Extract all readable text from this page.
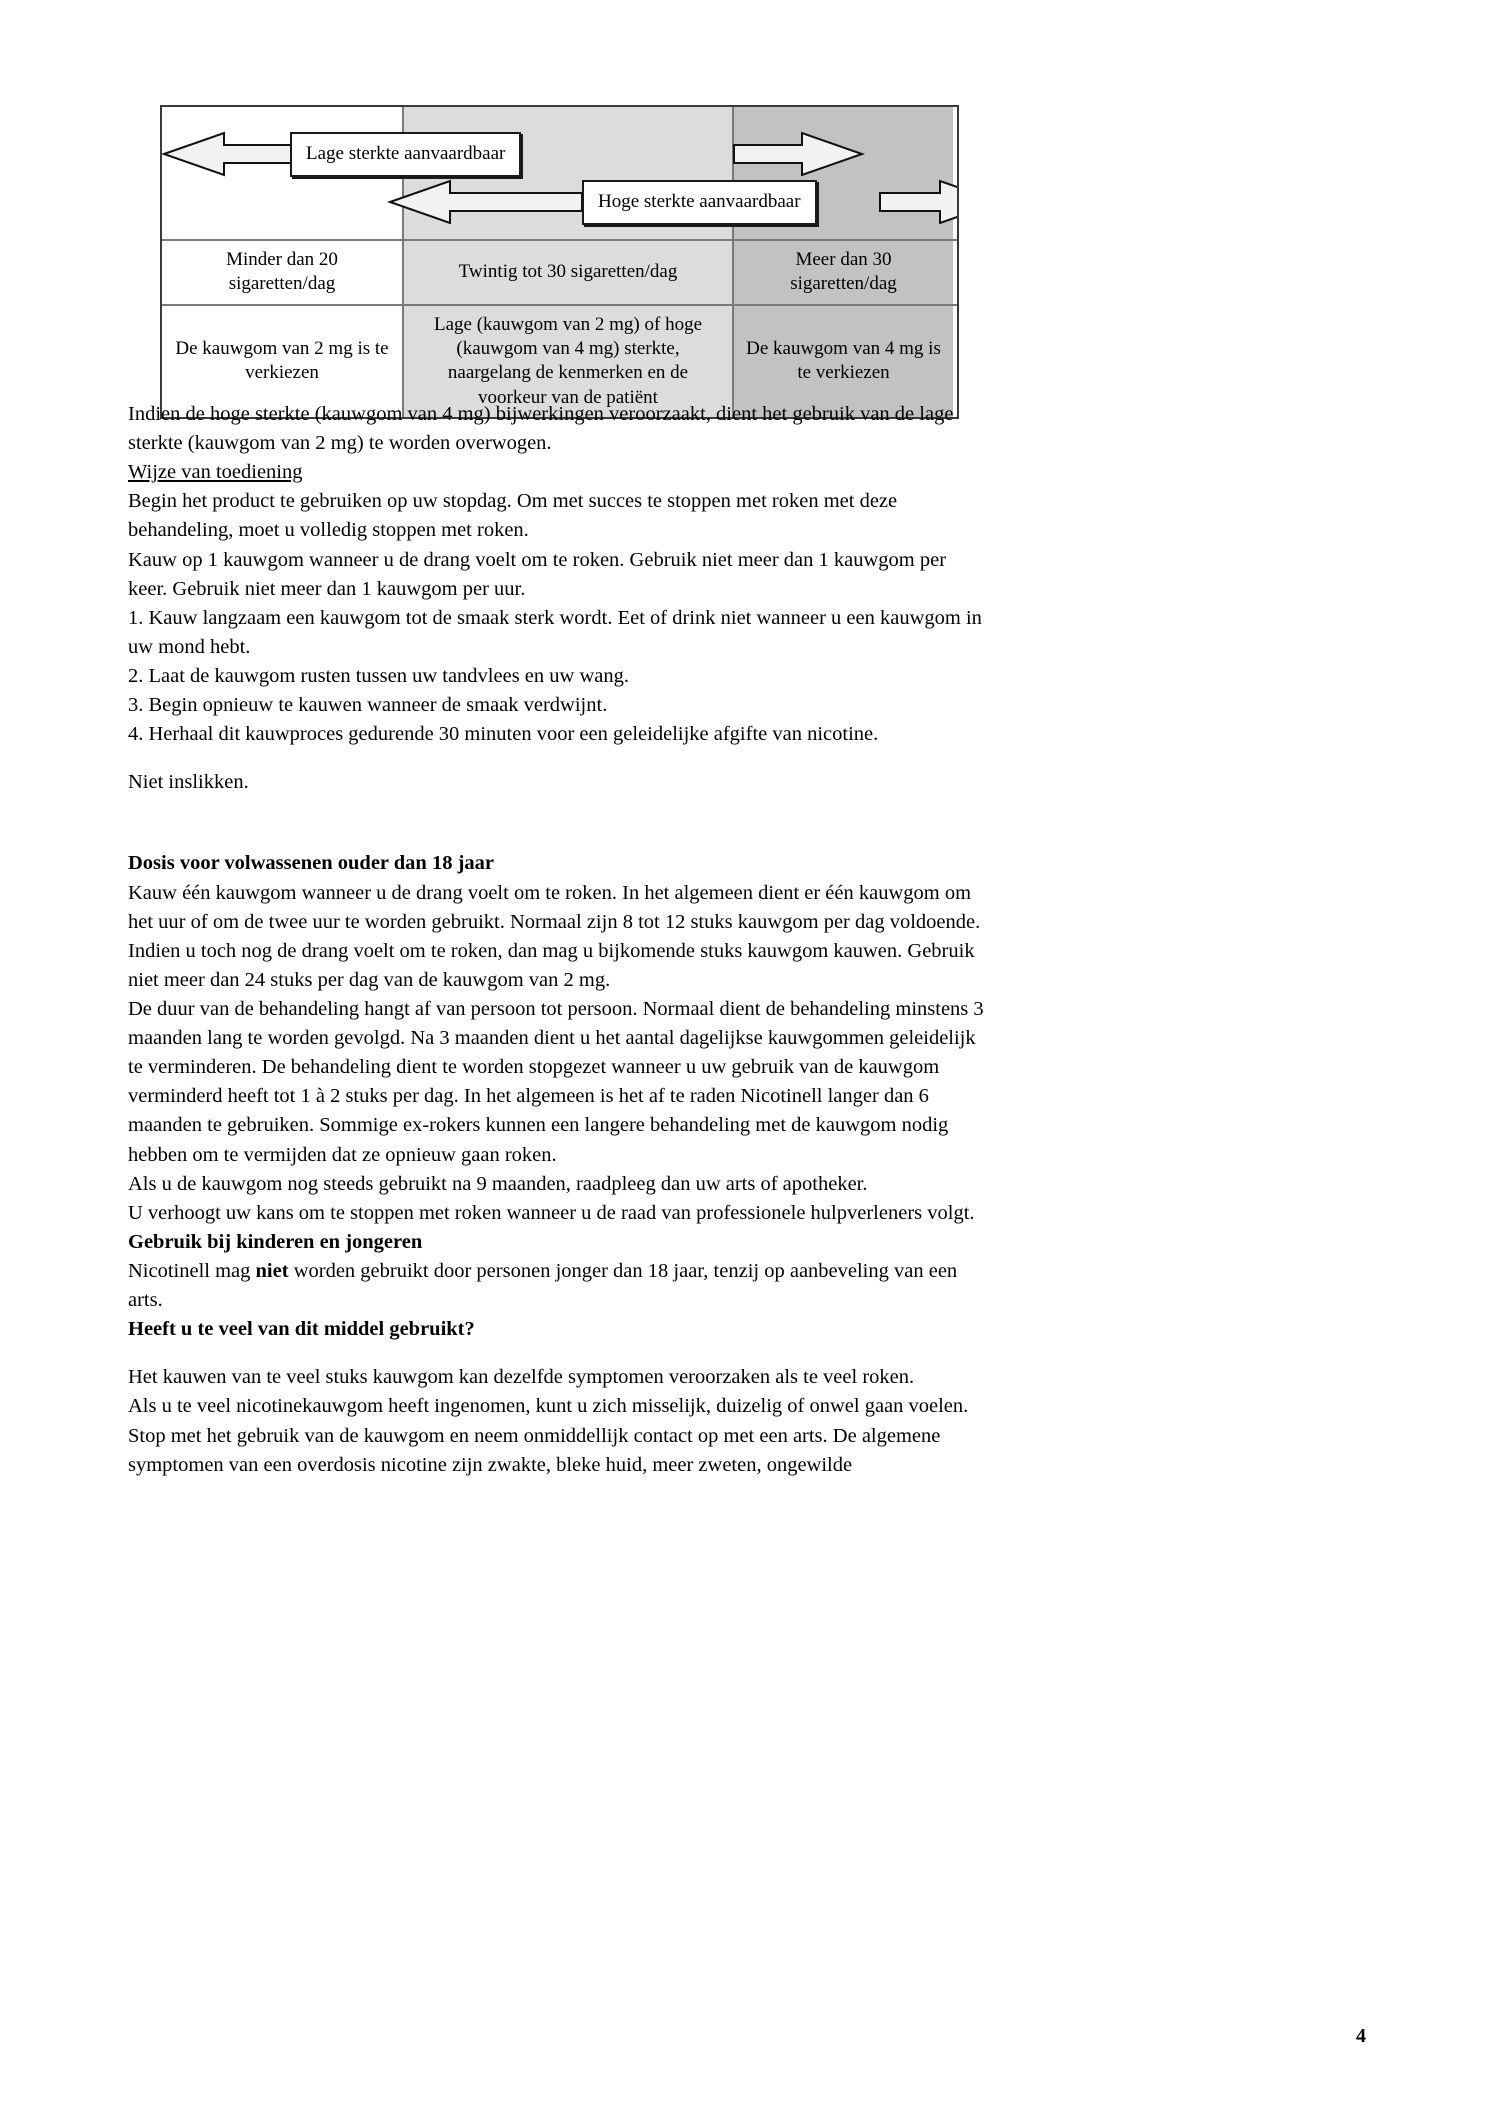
Lage sterkte aanvaardbaar
Hoge sterkte aanvaardbaar
Minder dan 20 sigaretten/dag
Twintig tot 30 sigaretten/dag
Meer dan 30 sigaretten/dag
De kauwgom van 2 mg is te verkiezen
Lage (kauwgom van 2 mg) of hoge (kauwgom van 4 mg) sterkte, naargelang de kenmerken en de voorkeur van de patiënt
De kauwgom van 4 mg is te verkiezen

Indien de hoge sterkte (kauwgom van 4 mg) bijwerkingen veroorzaakt, dient het gebruik van de lage sterkte (kauwgom van 2 mg) te worden overwogen.

Wijze van toediening

Begin het product te gebruiken op uw stopdag. Om met succes te stoppen met roken met deze behandeling, moet u volledig stoppen met roken.

Kauw op 1 kauwgom wanneer u de drang voelt om te roken. Gebruik niet meer dan 1 kauwgom per keer. Gebruik niet meer dan 1 kauwgom per uur.

1. Kauw langzaam een kauwgom tot de smaak sterk wordt. Eet of drink niet wanneer u een kauwgom in uw mond hebt.

2. Laat de kauwgom rusten tussen uw tandvlees en uw wang.

3. Begin opnieuw te kauwen wanneer de smaak verdwijnt.

4. Herhaal dit kauwproces gedurende 30 minuten voor een geleidelijke afgifte van nicotine.

Niet inslikken.

Dosis voor volwassenen ouder dan 18 jaar

Kauw één kauwgom wanneer u de drang voelt om te roken. In het algemeen dient er één kauwgom om het uur of om de twee uur te worden gebruikt. Normaal zijn 8 tot 12 stuks kauwgom per dag voldoende. Indien u toch nog de drang voelt om te roken, dan mag u bijkomende stuks kauwgom kauwen. Gebruik niet meer dan 24 stuks per dag van de kauwgom van 2 mg.

De duur van de behandeling hangt af van persoon tot persoon. Normaal dient de behandeling minstens 3 maanden lang te worden gevolgd. Na 3 maanden dient u het aantal dagelijkse kauwgommen geleidelijk te verminderen. De behandeling dient te worden stopgezet wanneer u uw gebruik van de kauwgom verminderd heeft tot 1 à 2 stuks per dag. In het algemeen is het af te raden Nicotinell langer dan 6 maanden te gebruiken. Sommige ex-rokers kunnen een langere behandeling met de kauwgom nodig hebben om te vermijden dat ze opnieuw gaan roken.

Als u de kauwgom nog steeds gebruikt na 9 maanden, raadpleeg dan uw arts of apotheker.

U verhoogt uw kans om te stoppen met roken wanneer u de raad van professionele hulpverleners volgt.

Gebruik bij kinderen en jongeren

Nicotinell mag niet worden gebruikt door personen jonger dan 18 jaar, tenzij op aanbeveling van een arts.

Heeft u te veel van dit middel gebruikt?

Het kauwen van te veel stuks kauwgom kan dezelfde symptomen veroorzaken als te veel roken.

Als u te veel nicotinekauwgom heeft ingenomen, kunt u zich misselijk, duizelig of onwel gaan voelen.

Stop met het gebruik van de kauwgom en neem onmiddellijk contact op met een arts. De algemene

symptomen van een overdosis nicotine zijn zwakte, bleke huid, meer zweten, ongewilde

4
